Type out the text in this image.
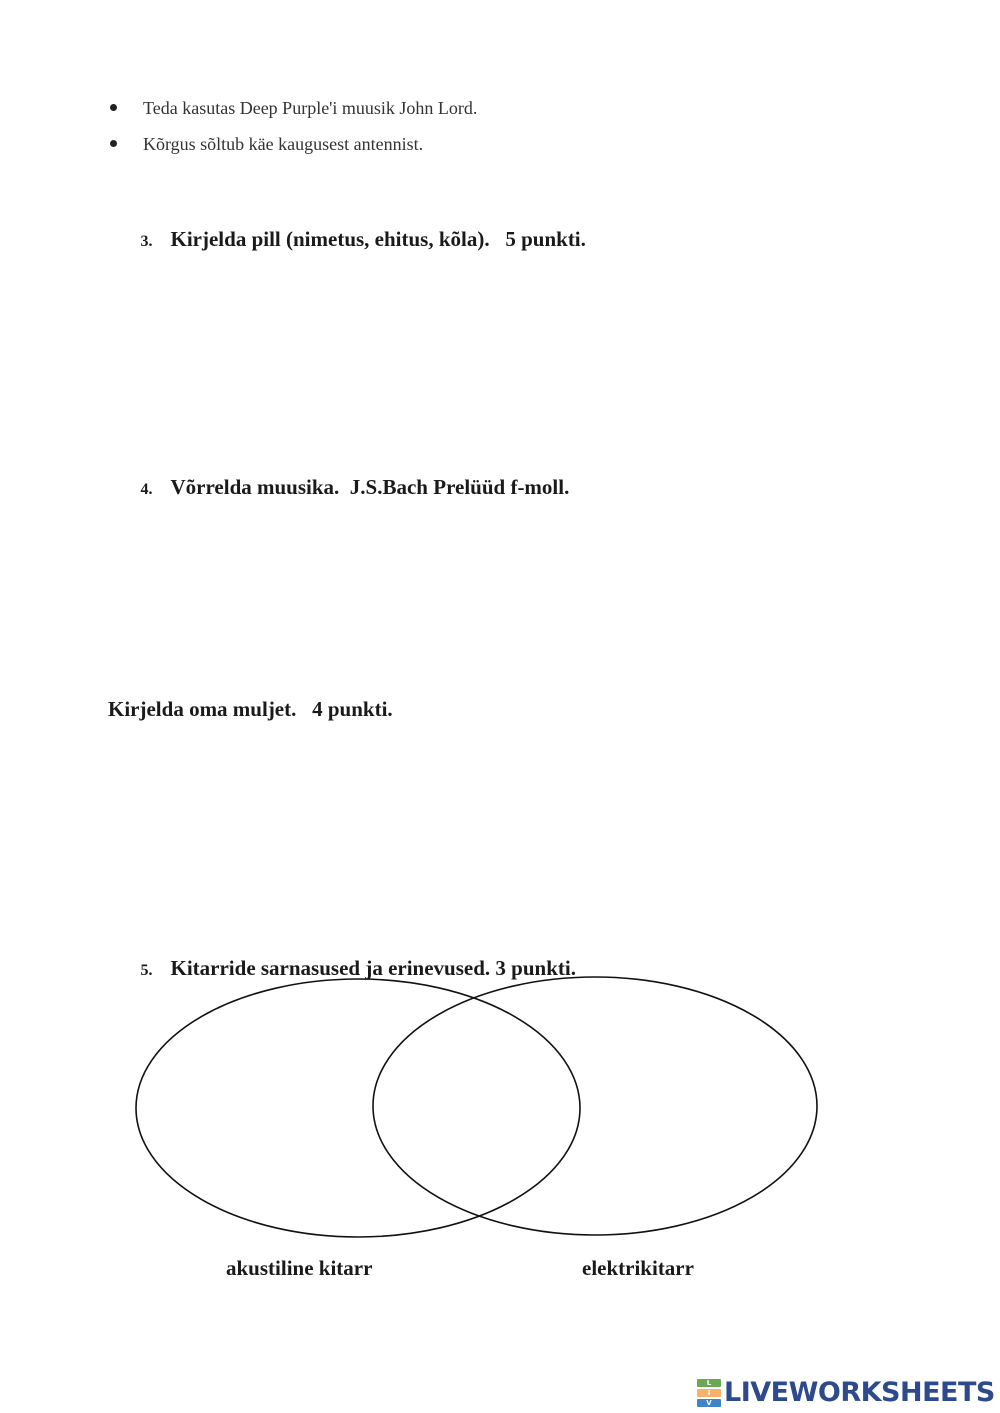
Teda kasutas Deep Purple'i muusik John Lord.
Kõrgus sõltub käe kaugusest antennist.

3. Kirjelda pill (nimetus, ehitus, kõla).   5 punkti.

4. Võrrelda muusika.  J.S.Bach Prelüüd f-moll.

Kirjelda oma muljet.   4 punkti.

5. Kitarride sarnasused ja erinevused. 3 punkti.

akustiline kitarr	elektrikitarr
L
I
V LIVEWORKSHEETS
